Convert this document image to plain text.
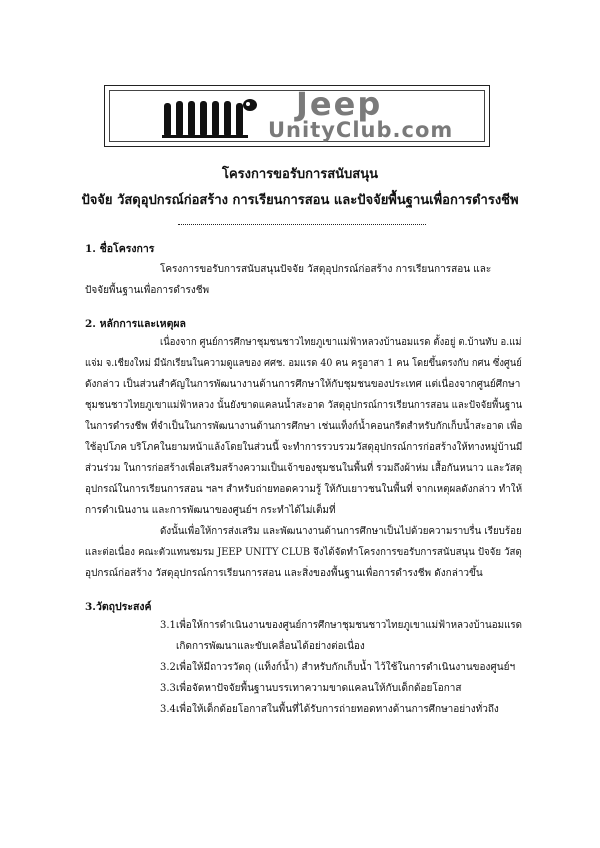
Jeep
UnityClub.com
โครงการขอรับการสนับสนุน
ปัจจัย วัสดุอุปกรณ์ก่อสร้าง การเรียนการสอน และปัจจัยพื้นฐานเพื่อการดำรงชีพ
1. ชื่อโครงการ
โครงการขอรับการสนับสนุนปัจจัย วัสดุอุปกรณ์ก่อสร้าง การเรียนการสอน และ
ปัจจัยพื้นฐานเพื่อการดำรงชีพ
2. หลักการและเหตุผล
เนื่องจาก ศูนย์การศึกษาชุมชนชาวไทยภูเขาแม่ฟ้าหลวงบ้านอมแรด ตั้งอยู่ ต.บ้านทับ อ.แม่
แจ่ม จ.เชียงใหม่ มีนักเรียนในความดูแลของ ศศช. อมแรด 40 คน ครูอาสา 1 คน โดยขึ้นตรงกับ กศน ซึ่งศูนย์
ดังกล่าว เป็นส่วนสำคัญในการพัฒนางานด้านการศึกษาให้กับชุมชนของประเทศ แต่เนื่องจากศูนย์ศึกษา
ชุมชนชาวไทยภูเขาแม่ฟ้าหลวง นั้นยังขาดแคลนน้ำสะอาด วัสดุอุปกรณ์การเรียนการสอน และปัจจัยพื้นฐาน
ในการดำรงชีพ ที่จำเป็นในการพัฒนางานด้านการศึกษา เช่นแท็งก์น้ำคอนกรีตสำหรับกักเก็บน้ำสะอาด เพื่อ
ใช้อุปโภค บริโภคในยามหน้าแล้งโดยในส่วนนี้ จะทำการรวบรวมวัสดุอุปกรณ์การก่อสร้างให้ทางหมู่บ้านมี
ส่วนร่วม ในการก่อสร้างเพื่อเสริมสร้างความเป็นเจ้าของชุมชนในพื้นที่ รวมถึงผ้าห่ม เสื้อกันหนาว และวัสดุ
อุปกรณ์ในการเรียนการสอน ฯลฯ สำหรับถ่ายทอดความรู้ ให้กับเยาวชนในพื้นที่ จากเหตุผลดังกล่าว ทำให้
การดำเนินงาน และการพัฒนาของศูนย์ฯ กระทำได้ไม่เต็มที่
ดังนั้นเพื่อให้การส่งเสริม และพัฒนางานด้านการศึกษาเป็นไปด้วยความราบรื่น เรียบร้อย
และต่อเนื่อง คณะตัวแทนชมรม JEEP UNITY CLUB จึงได้จัดทำโครงการขอรับการสนับสนุน ปัจจัย วัสดุ
อุปกรณ์ก่อสร้าง วัสดุอุปกรณ์การเรียนการสอน และสิ่งของพื้นฐานเพื่อการดำรงชีพ ดังกล่าวขึ้น
3.วัตถุประสงค์
3.1 เพื่อให้การดำเนินงานของศูนย์การศึกษาชุมชนชาวไทยภูเขาแม่ฟ้าหลวงบ้านอมแรด
เกิดการพัฒนาและขับเคลื่อนได้อย่างต่อเนื่อง
3.2 เพื่อให้มีถาวรวัตถุ (แท็งก์น้ำ) สำหรับกักเก็บน้ำ ไว้ใช้ในการดำเนินงานของศูนย์ฯ
3.3 เพื่อจัดหาปัจจัยพื้นฐานบรรเทาความขาดแคลนให้กับเด็กด้อยโอกาส
3.4 เพื่อให้เด็กด้อยโอกาสในพื้นที่ได้รับการถ่ายทอดทางด้านการศึกษาอย่างทั่วถึง
